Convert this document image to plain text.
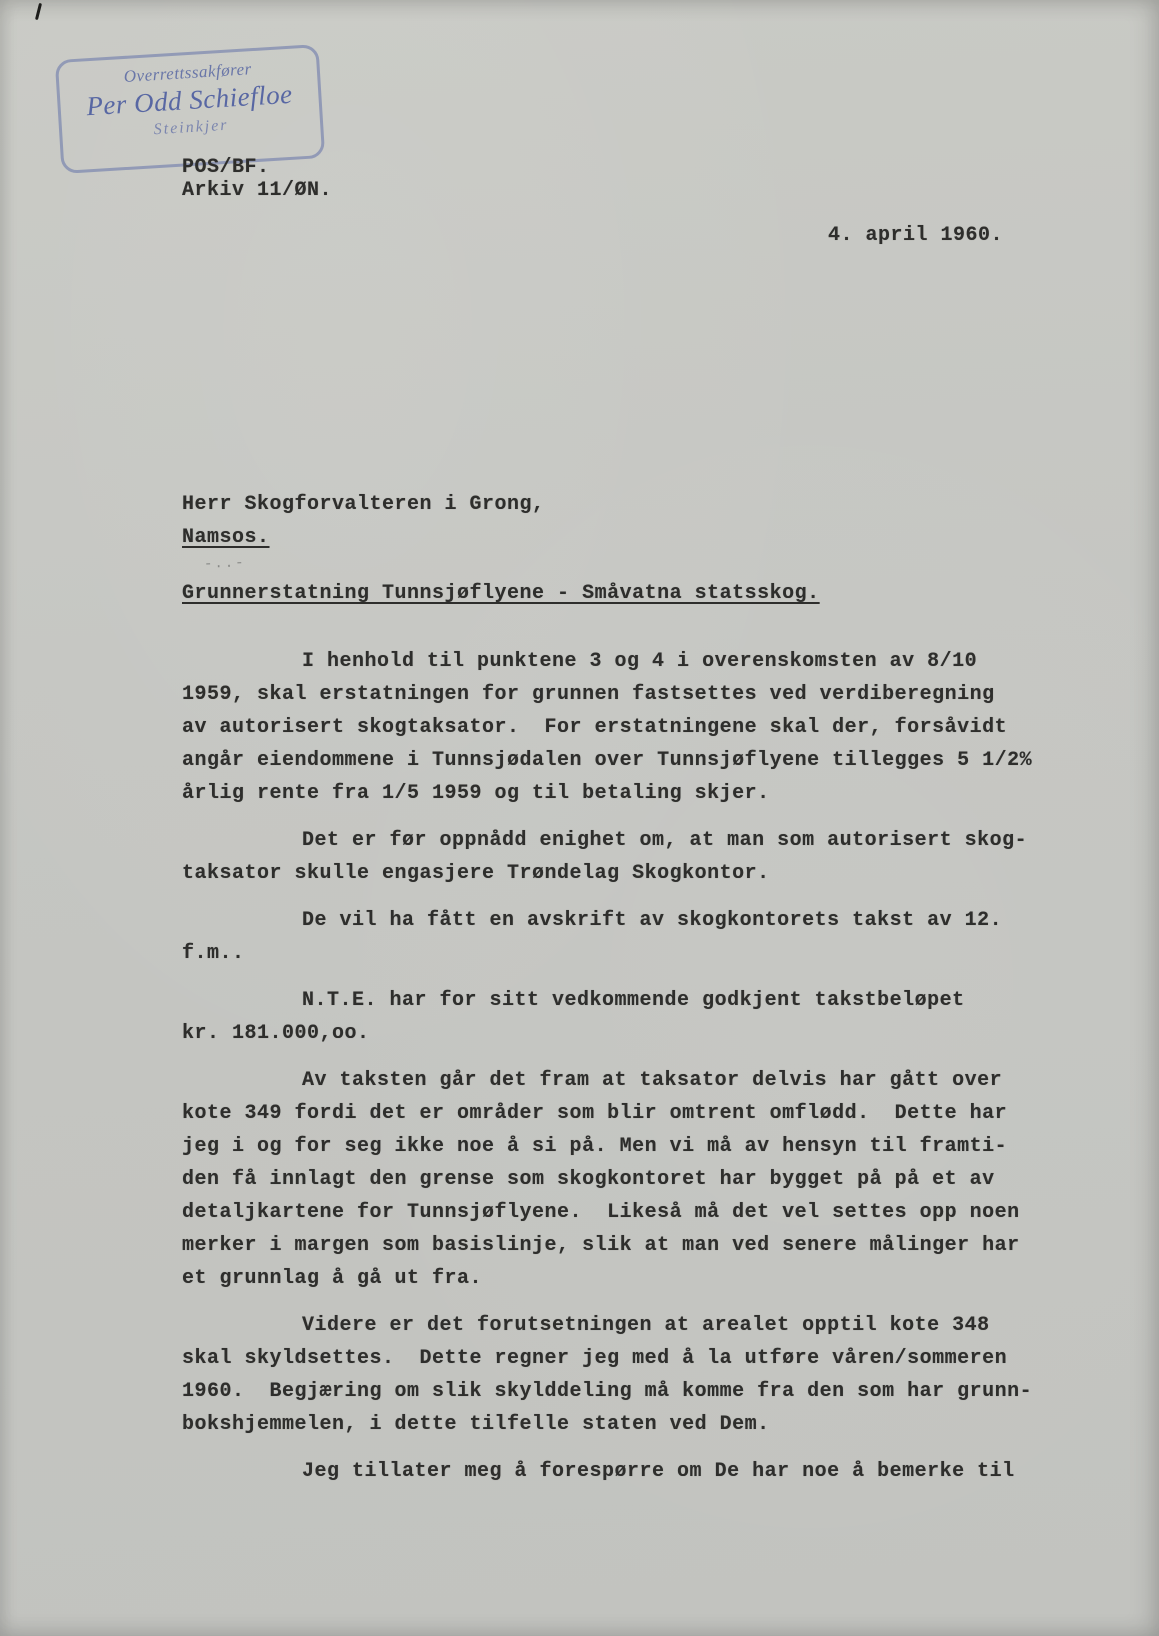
Overrettssakfører
Per Odd Schiefloe
Steinkjer
POS/BF.
Arkiv 11/ØN.
4. april 1960.
Herr Skogforvalteren i Grong,
Namsos.
-..-
Grunnerstatning Tunnsjøflyene - Småvatna statsskog.

I henhold til punktene 3 og 4 i overenskomsten av 8/10
1959, skal erstatningen for grunnen fastsettes ved verdiberegning
av autorisert skogtaksator.  For erstatningene skal der, forsåvidt
angår eiendommene i Tunnsjødalen over Tunnsjøflyene tillegges 5 1/2%
årlig rente fra 1/5 1959 og til betaling skjer.

Det er før oppnådd enighet om, at man som autorisert skog-
taksator skulle engasjere Trøndelag Skogkontor.

De vil ha fått en avskrift av skogkontorets takst av 12.
f.m..

N.T.E. har for sitt vedkommende godkjent takstbeløpet
kr. 181.000,oo.

Av taksten går det fram at taksator delvis har gått over
kote 349 fordi det er områder som blir omtrent omflødd.  Dette har
jeg i og for seg ikke noe å si på. Men vi må av hensyn til framti-
den få innlagt den grense som skogkontoret har bygget på på et av
detaljkartene for Tunnsjøflyene.  Likeså må det vel settes opp noen
merker i margen som basislinje, slik at man ved senere målinger har
et grunnlag å gå ut fra.

Videre er det forutsetningen at arealet opptil kote 348
skal skyldsettes.  Dette regner jeg med å la utføre våren/sommeren
1960.  Begjæring om slik skylddeling må komme fra den som har grunn-
bokshjemmelen, i dette tilfelle staten ved Dem.

Jeg tillater meg å forespørre om De har noe å bemerke til
